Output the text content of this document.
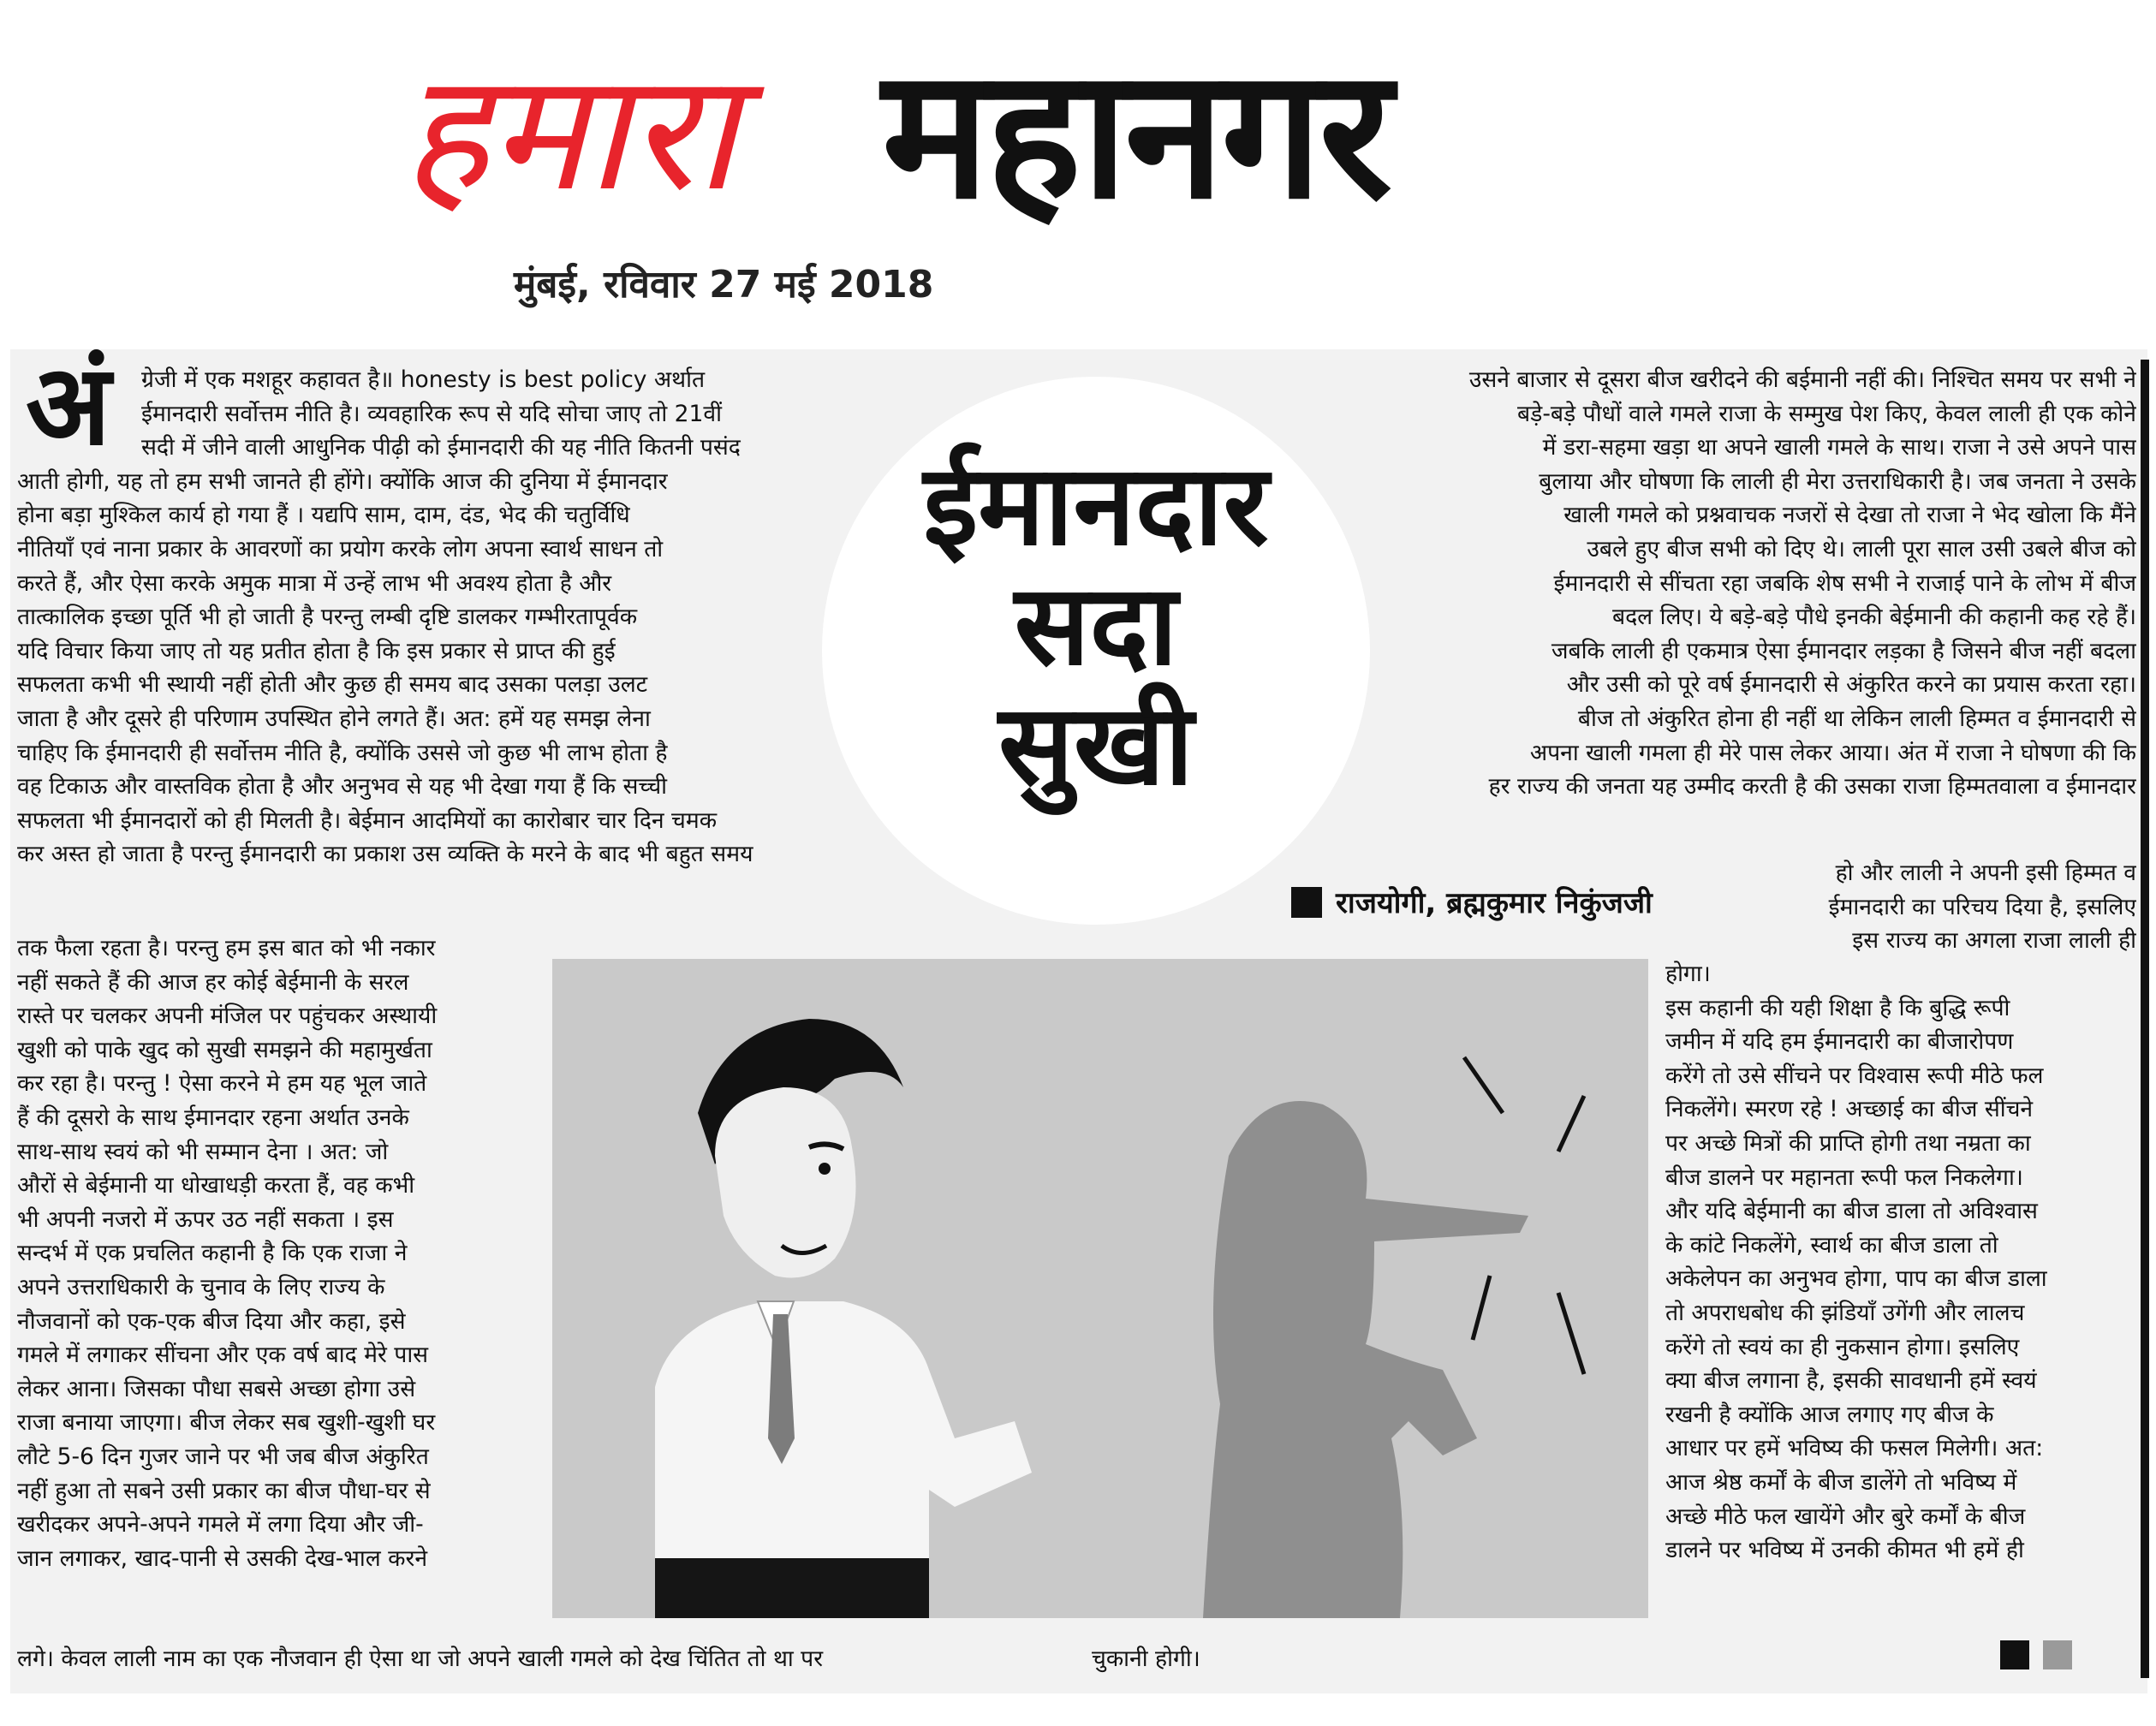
हमारा महानगर
मुंबई, रविवार 27 मई 2018
अं	ग्रेजी में एक मशहूर कहावत है॥ honesty is best policy अर्थात
ईमानदारी सर्वोत्तम नीति है। व्यवहारिक रूप से यदि सोचा जाए तो 21वीं
सदी में जीने वाली आधुनिक पीढ़ी को ईमानदारी की यह नीति कितनी पसंद
आती होगी, यह तो हम सभी जानते ही होंगे। क्योंकि आज की दुनिया में ईमानदार
होना बड़ा मुश्किल कार्य हो गया हैं । यद्यपि साम, दाम, दंड, भेद की चतुर्विधि
नीतियाँ एवं नाना प्रकार के आवरणों का प्रयोग करके लोग अपना स्वार्थ साधन तो
करते हैं, और ऐसा करके अमुक मात्रा में उन्हें लाभ भी अवश्य होता है और
तात्कालिक इच्छा पूर्ति भी हो जाती है परन्तु लम्बी दृष्टि डालकर गम्भीरतापूर्वक
यदि विचार किया जाए तो यह प्रतीत होता है कि इस प्रकार से प्राप्त की हुई
सफलता कभी भी स्थायी नहीं होती और कुछ ही समय बाद उसका पलड़ा उलट
जाता है और दूसरे ही परिणाम उपस्थित होने लगते हैं। अत: हमें यह समझ लेना
चाहिए कि ईमानदारी ही सर्वोत्तम नीति है, क्योंकि उससे जो कुछ भी लाभ होता है
वह टिकाऊ और वास्तविक होता है और अनुभव से यह भी देखा गया हैं कि सच्ची
सफलता भी ईमानदारों को ही मिलती है। बेईमान आदमियों का कारोबार चार दिन चमक
कर अस्त हो जाता है परन्तु ईमानदारी का प्रकाश उस व्यक्ति के मरने के बाद भी बहुत समय
तक फैला रहता है। परन्तु हम इस बात को भी नकार
नहीं सकते हैं की आज हर कोई बेईमानी के सरल
रास्ते पर चलकर अपनी मंजिल पर पहुंचकर अस्थायी
खुशी को पाके खुद को सुखी समझने की महामुर्खता
कर रहा है। परन्तु ! ऐसा करने मे हम यह भूल जाते
हैं की दूसरो के साथ ईमानदार रहना अर्थात उनके
साथ-साथ स्वयं को भी सम्मान देना । अत: जो
औरों से बेईमानी या धोखाधड़ी करता हैं, वह कभी
भी अपनी नजरो में ऊपर उठ नहीं सकता । इस
सन्दर्भ में एक प्रचलित कहानी है कि एक राजा ने
अपने उत्तराधिकारी के चुनाव के लिए राज्य के
नौजवानों को एक-एक बीज दिया और कहा, इसे
गमले में लगाकर सींचना और एक वर्ष बाद मेरे पास
लेकर आना। जिसका पौधा सबसे अच्छा होगा उसे
राजा बनाया जाएगा। बीज लेकर सब खुशी-खुशी घर
लौटे 5-6 दिन गुजर जाने पर भी जब बीज अंकुरित
नहीं हुआ तो सबने उसी प्रकार का बीज पौधा-घर से
खरीदकर अपने-अपने गमले में लगा दिया और जी-
जान लगाकर, खाद-पानी से उसकी देख-भाल करने
उसने बाजार से दूसरा बीज खरीदने की बईमानी नहीं की। निश्चित समय पर सभी ने
बड़े-बड़े पौधों वाले गमले राजा के सम्मुख पेश किए, केवल लाली ही एक कोने
में डरा-सहमा खड़ा था अपने खाली गमले के साथ। राजा ने उसे अपने पास
बुलाया और घोषणा कि लाली ही मेरा उत्तराधिकारी है। जब जनता ने उसके
खाली गमले को प्रश्नवाचक नजरों से देखा तो राजा ने भेद खोला कि मैंने
उबले हुए बीज सभी को दिए थे। लाली पूरा साल उसी उबले बीज को
ईमानदारी से सींचता रहा जबकि शेष सभी ने राजाई पाने के लोभ में बीज
बदल लिए। ये बड़े-बड़े पौधे इनकी बेईमानी की कहानी कह रहे हैं।
जबकि लाली ही एकमात्र ऐसा ईमानदार लड़का है जिसने बीज नहीं बदला
और उसी को पूरे वर्ष ईमानदारी से अंकुरित करने का प्रयास करता रहा।
बीज तो अंकुरित होना ही नहीं था लेकिन लाली हिम्मत व ईमानदारी से
अपना खाली गमला ही मेरे पास लेकर आया। अंत में राजा ने घोषणा की कि
हर राज्य की जनता यह उम्मीद करती है की उसका राजा हिम्मतवाला व ईमानदार
हो और लाली ने अपनी इसी हिम्मत व
ईमानदारी का परिचय दिया है, इसलिए
इस राज्य का अगला राजा लाली ही
होगा।
इस कहानी की यही शिक्षा है कि बुद्धि रूपी
जमीन में यदि हम ईमानदारी का बीजारोपण
करेंगे तो उसे सींचने पर विश्वास रूपी मीठे फल
निकलेंगे। स्मरण रहे ! अच्छाई का बीज सींचने
पर अच्छे मित्रों की प्राप्ति होगी तथा नम्रता का
बीज डालने पर महानता रूपी फल निकलेगा।
और यदि बेईमानी का बीज डाला तो अविश्वास
के कांटे निकलेंगे, स्वार्थ का बीज डाला तो
अकेलेपन का अनुभव होगा, पाप का बीज डाला
तो अपराधबोध की झंडियाँ उगेंगी और लालच
करेंगे तो स्वयं का ही नुकसान होगा। इसलिए
क्या बीज लगाना है, इसकी सावधानी हमें स्वयं
रखनी है क्योंकि आज लगाए गए बीज के
आधार पर हमें भविष्य की फसल मिलेगी। अत:
आज श्रेष्ठ कर्मों के बीज डालेंगे तो भविष्य में
अच्छे मीठे फल खायेंगे और बुरे कर्मों के बीज
डालने पर भविष्य में उनकी कीमत भी हमें ही
लगे। केवल लाली नाम का एक नौजवान ही ऐसा था जो अपने खाली गमले को देख चिंतित तो था पर	चुकानी होगी।
ईमानदार
सदा
सुखी
राजयोगी, ब्रह्मकुमार निकुंजजी
